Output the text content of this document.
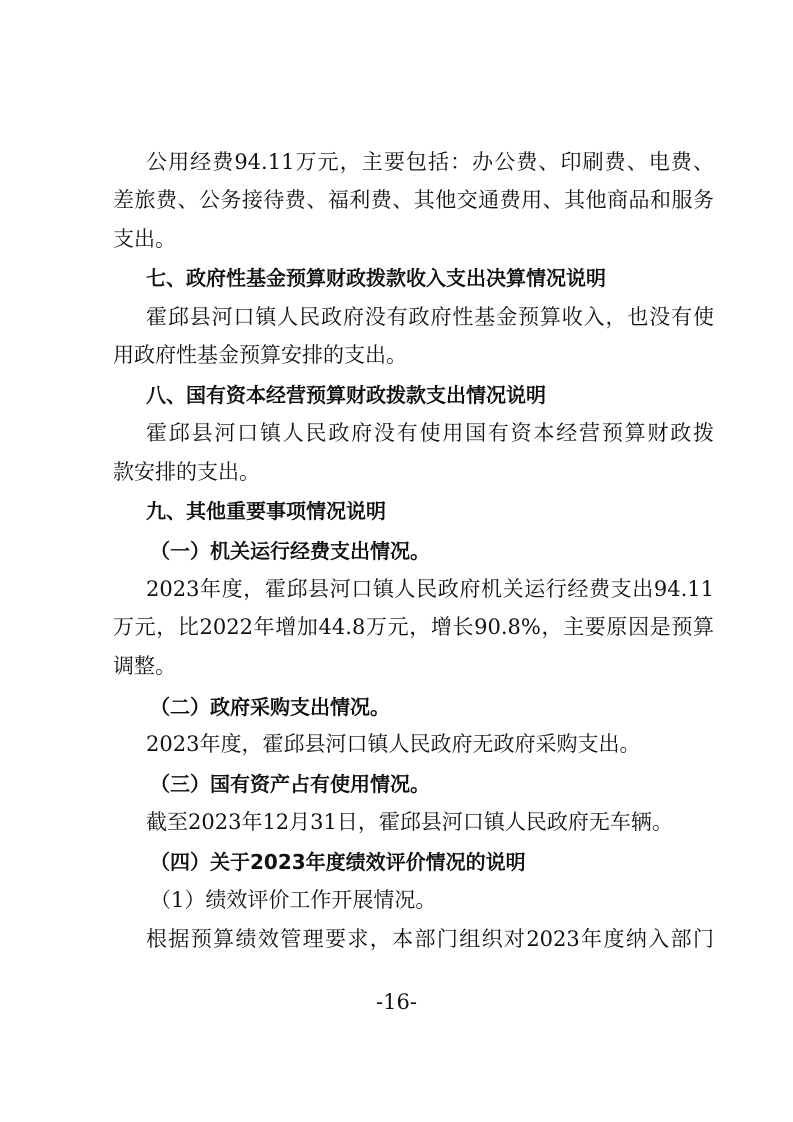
公用经费94.11万元，主要包括：办公费、印刷费、电费、
差旅费、公务接待费、福利费、其他交通费用、其他商品和服务
支出。
七、政府性基金预算财政拨款收入支出决算情况说明
霍邱县河口镇人民政府没有政府性基金预算收入，也没有使
用政府性基金预算安排的支出。
八、国有资本经营预算财政拨款支出情况说明
霍邱县河口镇人民政府没有使用国有资本经营预算财政拨
款安排的支出。
九、其他重要事项情况说明
（一）机关运行经费支出情况。
2023年度，霍邱县河口镇人民政府机关运行经费支出94.11
万元，比2022年增加44.8万元，增长90.8%，主要原因是预算
调整。
（二）政府采购支出情况。
2023年度，霍邱县河口镇人民政府无政府采购支出。
（三）国有资产占有使用情况。
截至2023年12月31日，霍邱县河口镇人民政府无车辆。
（四）关于2023年度绩效评价情况的说明
（1）绩效评价工作开展情况。
根据预算绩效管理要求，本部门组织对2023年度纳入部门
-16-
